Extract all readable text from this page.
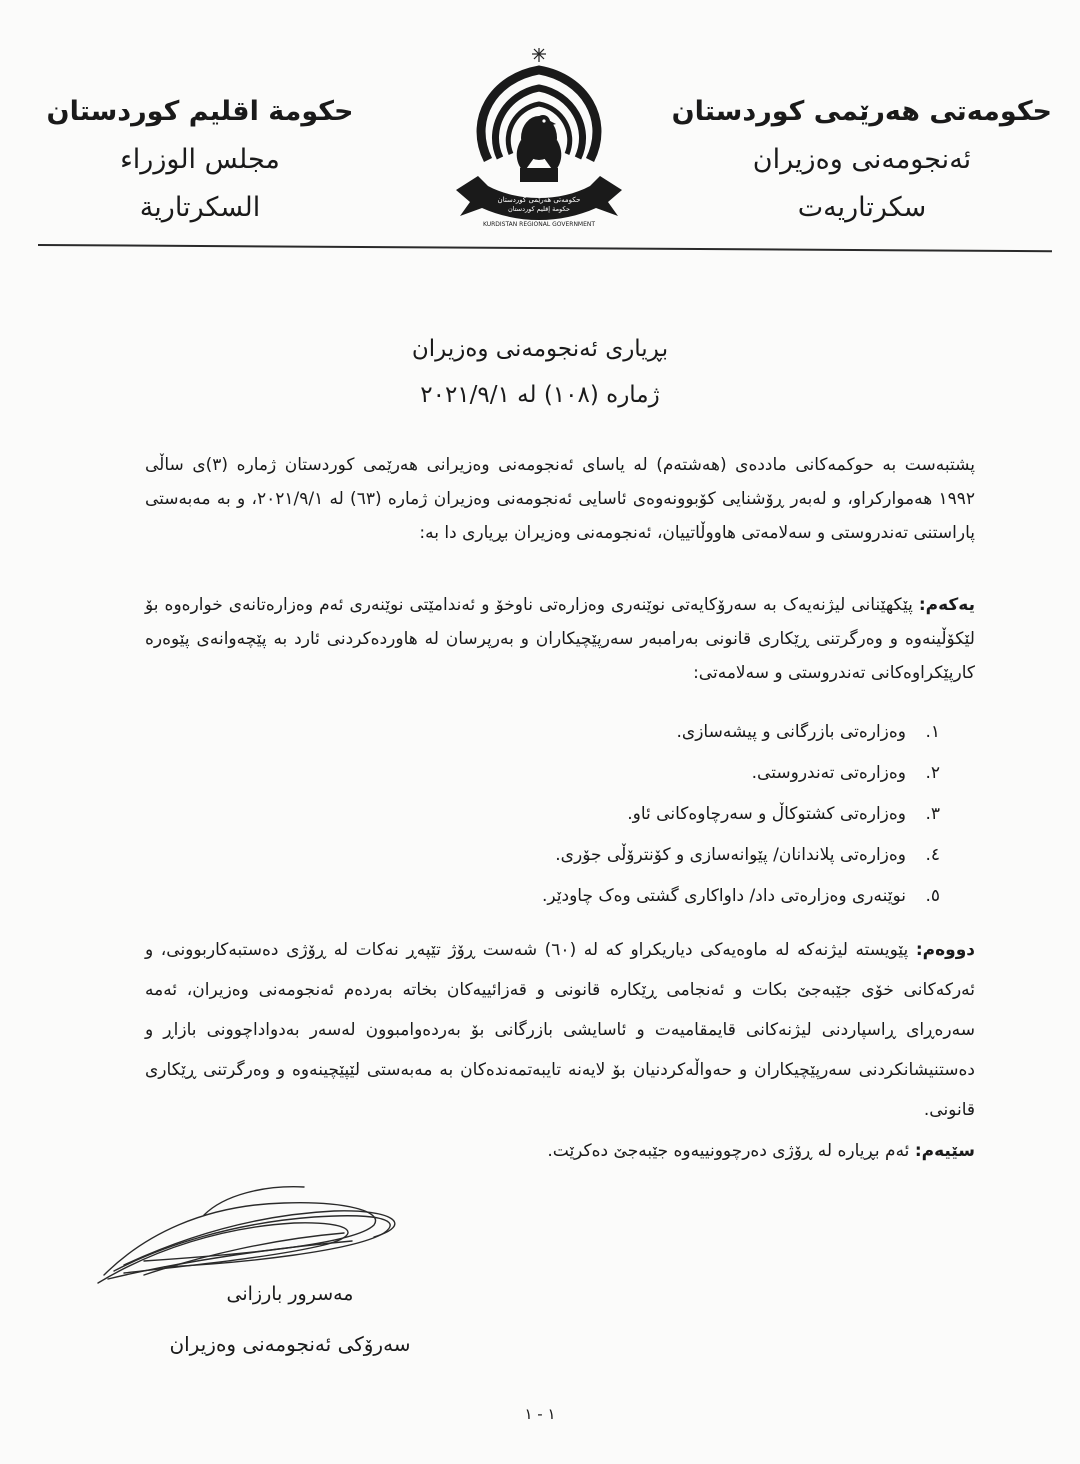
حكومەتی هەرێمی كوردستان
ئەنجومەنی وەزیران
سكرتاریەت
حكومة اقليم كوردستان
مجلس الوزراء
السكرتارية	حکومەتی هەرێمی کوردستان
حكومة إقليم كوردستان
KURDISTAN REGIONAL GOVERNMENT
بڕیاری ئەنجومەنی وەزیران
ژمارە (١٠٨) لە ٢٠٢١/٩/١
پشتبەست بە حوكمەكانی ماددەی (هەشتەم) لە یاسای ئەنجومەنی وەزیرانی هەرێمی كوردستان ژمارە (٣)ی ساڵی ١٩٩٢ هەمواركراو، و لەبەر ڕۆشنایی كۆبوونەوەی ئاسایی ئەنجومەنی وەزیران ژمارە (٦٣) لە ٢٠٢١/٩/١، و بە مەبەستی پاراستنی تەندروستی و سەلامەتی هاووڵاتییان، ئەنجومەنی وەزیران بڕیاری دا بە:
یەكەم: پێكهێنانی لیژنەیەک بە سەرۆكایەتی نوێنەری وەزارەتی ناوخۆ و ئەندامێتی نوێنەری ئەم وەزارەتانەی خوارەوە بۆ لێكۆڵینەوە و وەرگرتنی ڕێكاری قانونی بەرامبەر سەرپێچیكاران و بەرپرسان لە هاوردەكردنی ئارد بە پێچەوانەی پێوەرە كارپێكراوەكانی تەندروستی و سەلامەتی:
١.وەزارەتی بازرگانی و پیشەسازی.
٢.وەزارەتی تەندروستی.
٣.وەزارەتی كشتوكاڵ و سەرچاوەكانی ئاو.
٤.وەزارەتی پلاندانان/ پێوانەسازی و كۆنترۆڵی جۆری.
٥.نوێنەری وەزارەتی داد/ داواكاری گشتی وەک چاودێر.
دووەم: پێویستە لیژنەكە لە ماوەیەكی دیاریكراو كە لە (٦٠) شەست ڕۆژ تێپەڕ نەكات لە ڕۆژی دەستبەكاربوونی، و ئەركەكانی خۆی جێبەجێ بكات و ئەنجامی ڕێكارە قانونی و قەزائییەكان بخاتە بەردەم ئەنجومەنی وەزیران، ئەمە سەرەڕای ڕاسپاردنی لیژنەكانی قایمقامیەت و ئاسایشی بازرگانی بۆ بەردەوامبوون لەسەر بەدواداچوونی بازاڕ و دەستنیشانكردنی سەرپێچیكاران و حەواڵەكردنیان بۆ لایەنە تایبەتمەندەكان بە مەبەستی لێپێچینەوە و وەرگرتنی ڕێكاری قانونی.
سێیەم: ئەم بڕیارە لە ڕۆژی دەرچوونییەوە جێبەجێ دەكرێت.
مەسرور بارزانی
سەرۆكی ئەنجومەنی وەزیران
١ - ١
